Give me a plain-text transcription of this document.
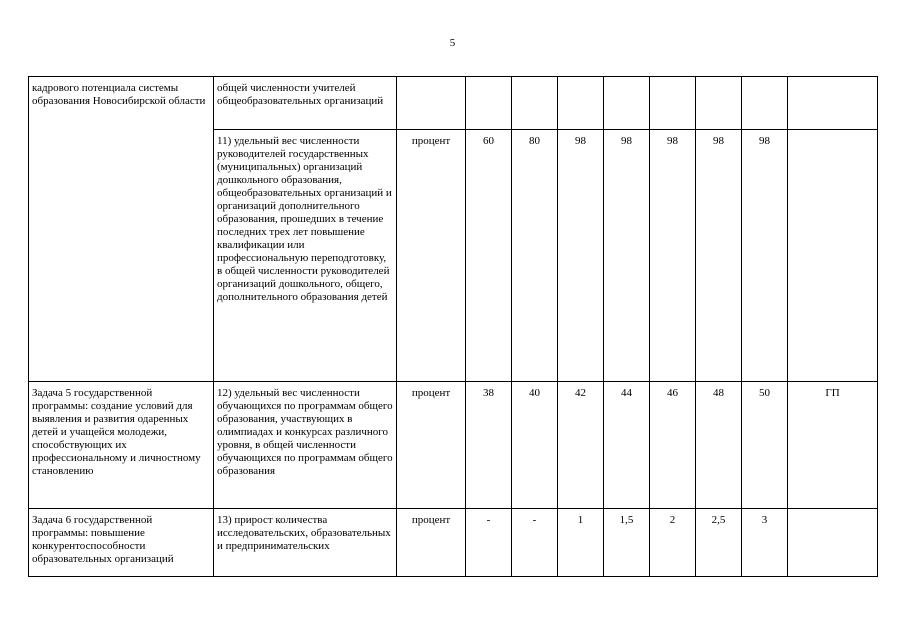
5
кадрового потенциала системы образования Новосибирской области	общей численности учителей общеобразовательных организаций									
	11) удельный вес численности руководителей государственных (муниципальных) организаций дошкольного образования, общеобразовательных организаций и организаций дополнительного образования, прошедших в течение последних трех лет повышение квалификации или профессиональную переподготовку, в общей численности руководителей организаций дошкольного, общего, дополнительного образования детей	процент	60	80	98	98	98	98	98	
Задача 5 государственной программы: создание условий для выявления и развития одаренных детей и учащейся молодежи, способствующих их профессиональному и личностному становлению	12) удельный вес численности обучающихся по программам общего образования, участвующих в олимпиадах и конкурсах различного уровня, в общей численности обучающихся по программам общего образования	процент	38	40	42	44	46	48	50	ГП
Задача 6 государственной программы: повышение конкурентоспособности образовательных организаций	13) прирост количества исследовательских, образовательных и предпринимательских	процент	-	-	1	1,5	2	2,5	3	
